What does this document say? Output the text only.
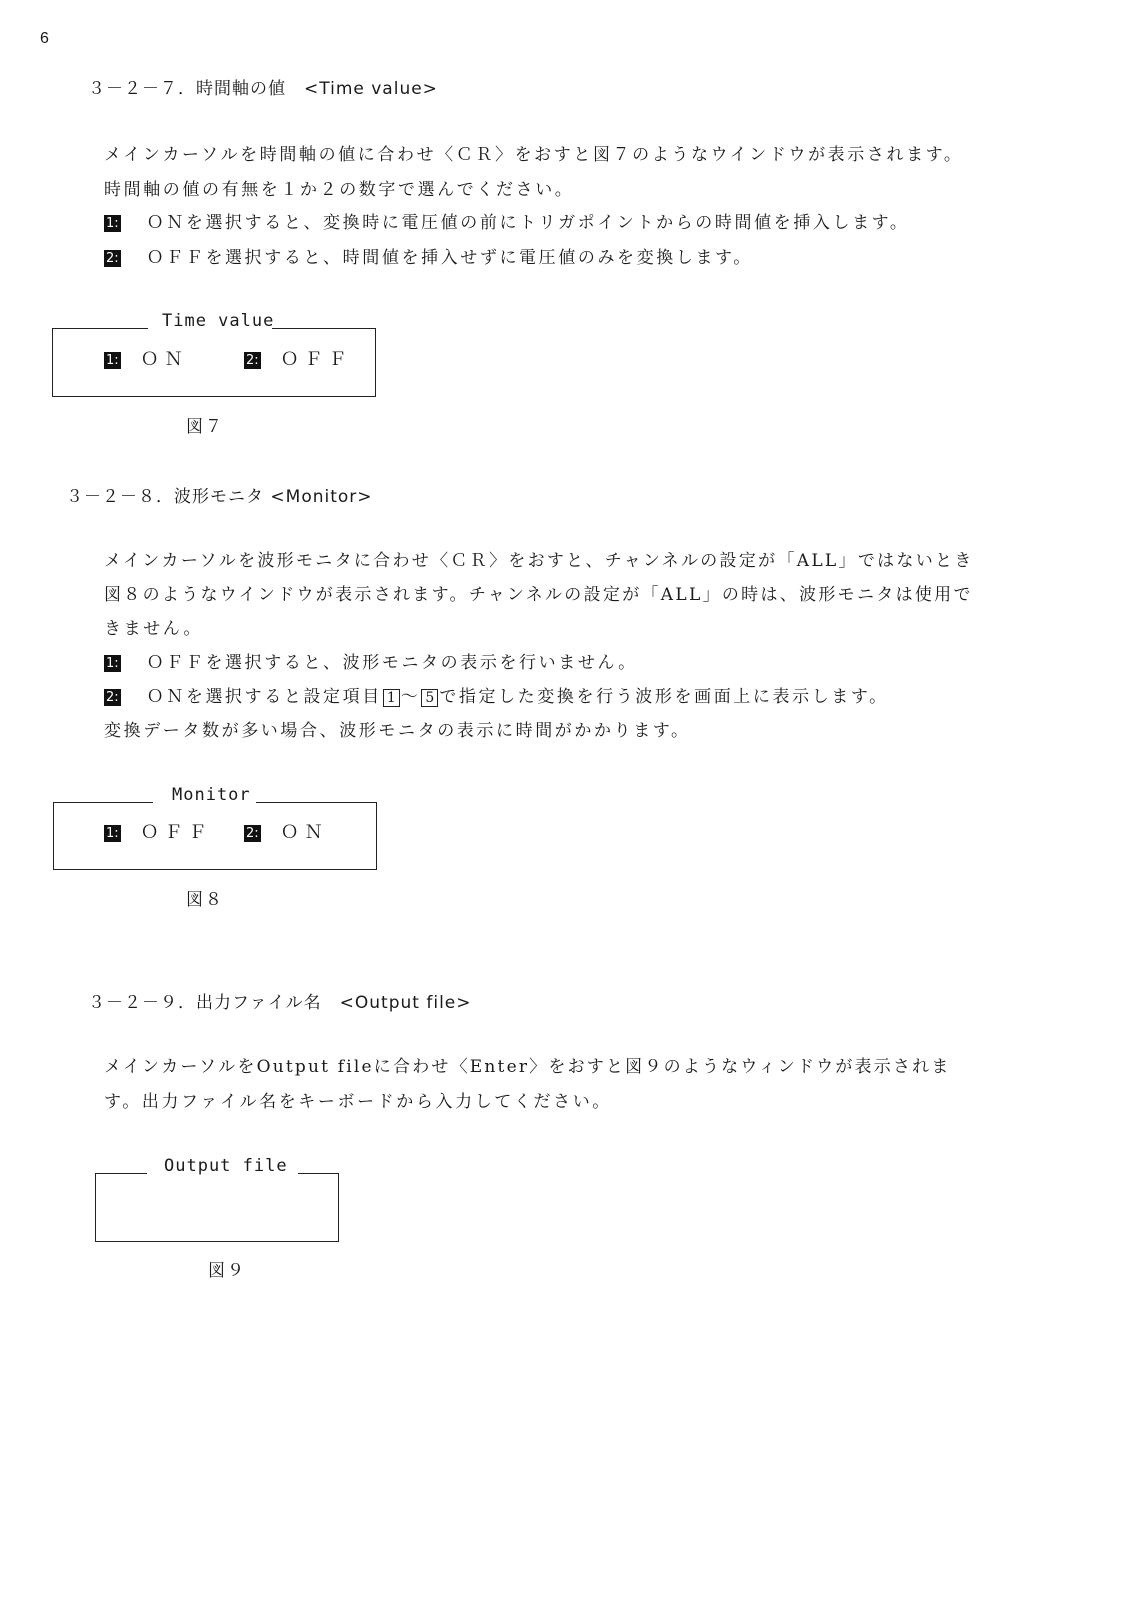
6
３－２－７．時間軸の値　<Time value>
メインカーソルを時間軸の値に合わせ〈ＣＲ〉をおすと図７のようなウインドウが表示されます。
時間軸の値の有無を１か２の数字で選んでください。
1: ＯＮを選択すると、変換時に電圧値の前にトリガポイントからの時間値を挿入します。
2: ＯＦＦを選択すると、時間値を挿入せずに電圧値のみを変換します。
Time value
1: ＯＮ	2: ＯＦＦ
図７
３－２－８．波形モニタ <Monitor>
メインカーソルを波形モニタに合わせ〈ＣＲ〉をおすと、チャンネルの設定が「ALL」ではないとき
図８のようなウインドウが表示されます。チャンネルの設定が「ALL」の時は、波形モニタは使用で
きません。
1: ＯＦＦを選択すると、波形モニタの表示を行いません。
2: ＯＮを選択すると設定項目 1 ～ 5 で指定した変換を行う波形を画面上に表示します。
変換データ数が多い場合、波形モニタの表示に時間がかかります。
Monitor
1: ＯＦＦ	2: ＯＮ
図８
３－２－９．出力ファイル名　<Output file>
メインカーソルをOutput fileに合わせ〈Enter〉をおすと図９のようなウィンドウが表示されま
す。出力ファイル名をキーボードから入力してください。
Output file
図９
